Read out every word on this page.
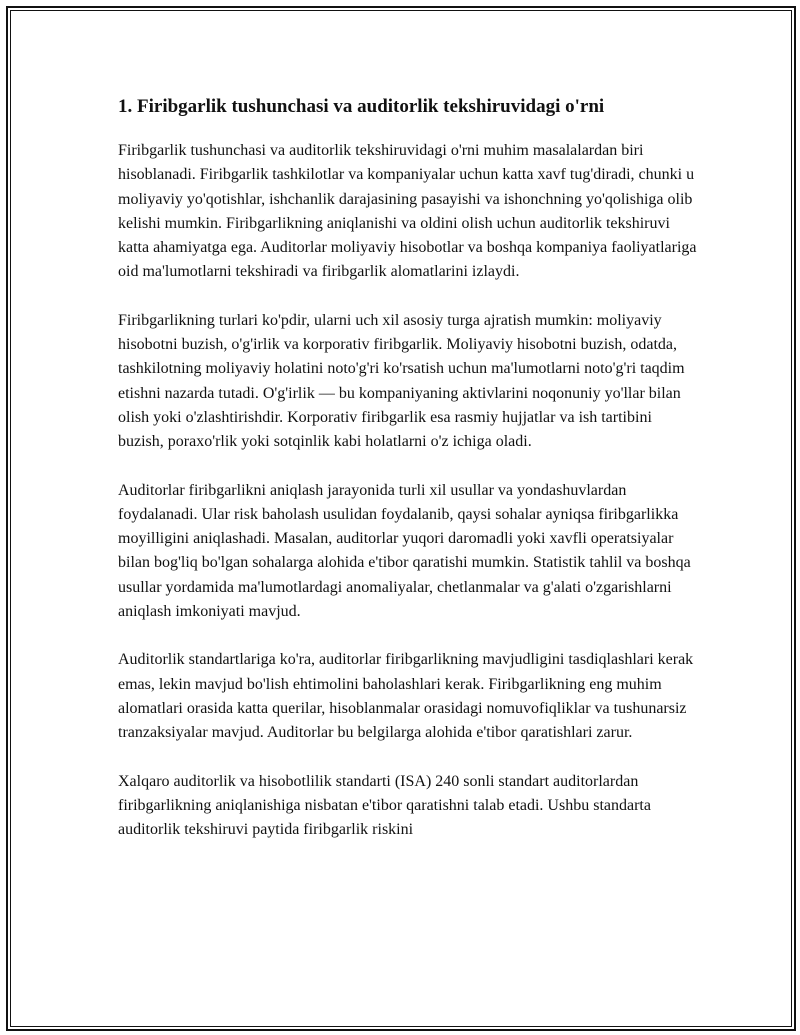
1. Firibgarlik tushunchasi va auditorlik tekshiruvidagi o'rni

Firibgarlik tushunchasi va auditorlik tekshiruvidagi o'rni muhim masalalardan biri hisoblanadi. Firibgarlik tashkilotlar va kompaniyalar uchun katta xavf tug'diradi, chunki u moliyaviy yo'qotishlar, ishchanlik darajasining pasayishi va ishonchning yo'qolishiga olib kelishi mumkin. Firibgarlikning aniqlanishi va oldini olish uchun auditorlik tekshiruvi katta ahamiyatga ega. Auditorlar moliyaviy hisobotlar va boshqa kompaniya faoliyatlariga oid ma'lumotlarni tekshiradi va firibgarlik alomatlarini izlaydi.

Firibgarlikning turlari ko'pdir, ularni uch xil asosiy turga ajratish mumkin: moliyaviy hisobotni buzish, o'g'irlik va korporativ firibgarlik. Moliyaviy hisobotni buzish, odatda, tashkilotning moliyaviy holatini noto'g'ri ko'rsatish uchun ma'lumotlarni noto'g'ri taqdim etishni nazarda tutadi. O'g'irlik — bu kompaniyaning aktivlarini noqonuniy yo'llar bilan olish yoki o'zlashtirishdir. Korporativ firibgarlik esa rasmiy hujjatlar va ish tartibini buzish, poraxo'rlik yoki sotqinlik kabi holatlarni o'z ichiga oladi.

Auditorlar firibgarlikni aniqlash jarayonida turli xil usullar va yondashuvlardan foydalanadi. Ular risk baholash usulidan foydalanib, qaysi sohalar ayniqsa firibgarlikka moyilligini aniqlashadi. Masalan, auditorlar yuqori daromadli yoki xavfli operatsiyalar bilan bog'liq bo'lgan sohalarga alohida e'tibor qaratishi mumkin. Statistik tahlil va boshqa usullar yordamida ma'lumotlardagi anomaliyalar, chetlanmalar va g'alati o'zgarishlarni aniqlash imkoniyati mavjud.

Auditorlik standartlariga ko'ra, auditorlar firibgarlikning mavjudligini tasdiqlashlari kerak emas, lekin mavjud bo'lish ehtimolini baholashlari kerak. Firibgarlikning eng muhim alomatlari orasida katta querilar, hisoblanmalar orasidagi nomuvofiqliklar va tushunarsiz tranzaksiyalar mavjud. Auditorlar bu belgilarga alohida e'tibor qaratishlari zarur.

Xalqaro auditorlik va hisobotlilik standarti (ISA) 240 sonli standart auditorlardan firibgarlikning aniqlanishiga nisbatan e'tibor qaratishni talab etadi. Ushbu standarta auditorlik tekshiruvi paytida firibgarlik riskini
